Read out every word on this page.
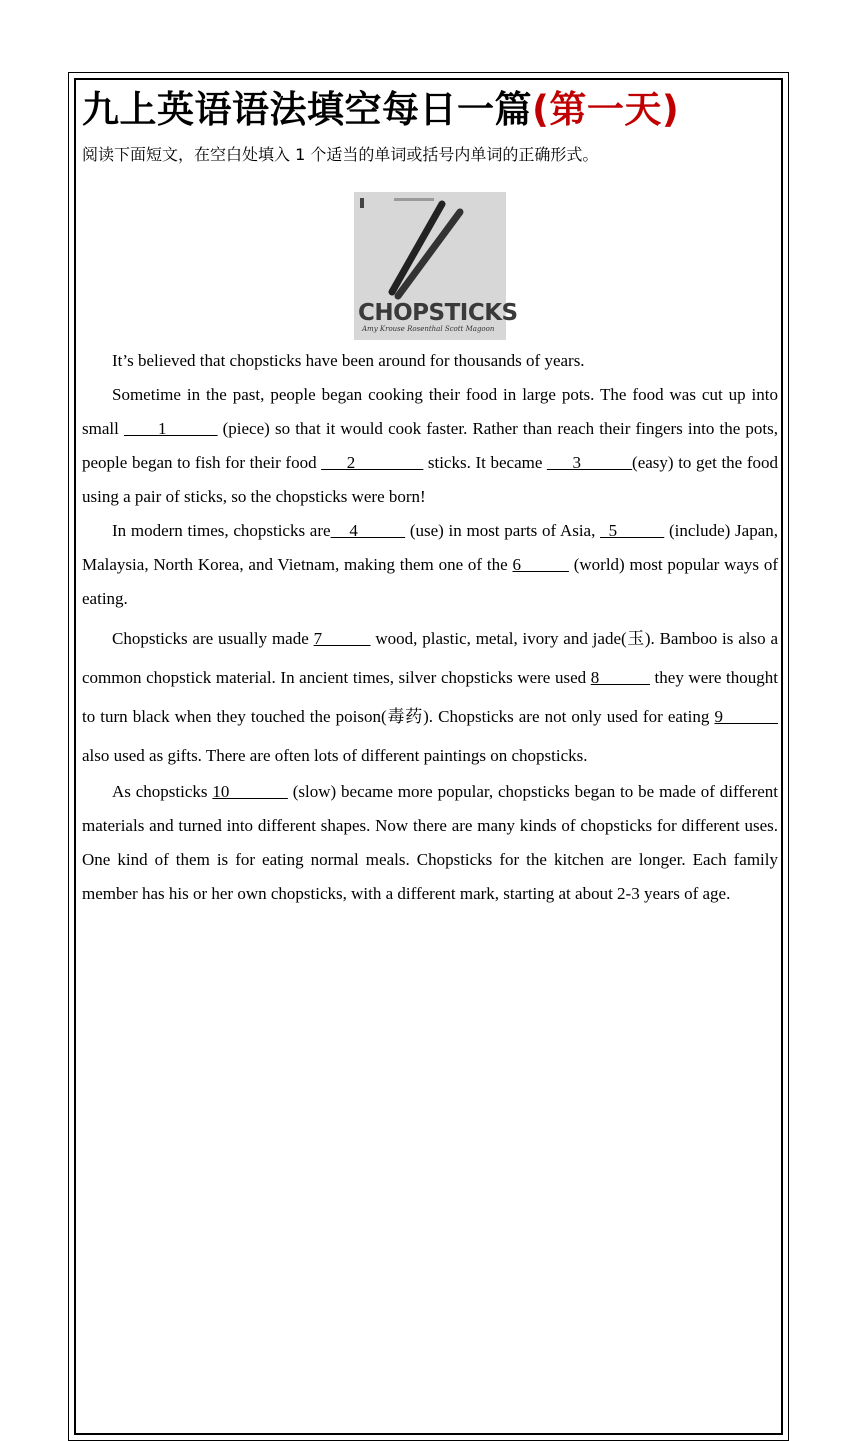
九上英语语法填空每日一篇(第一天)
阅读下面短文，在空白处填入 1 个适当的单词或括号内单词的正确形式。
CHOPSTICKS
Amy Krouse Rosenthal Scott Magoon

It’s believed that chopsticks have been around for thousands of years.

Sometime in the past, people began cooking their food in large pots. The food was cut up into small ____1______ (piece) so that it would cook faster. Rather than reach their fingers into the pots, people began to fish for their food ___2________ sticks. It became ___3______(easy) to get the food using a pair of sticks, so the chopsticks were born!

In modern times, chopsticks are    4           (use) in most parts of Asia, _5           (include) Japan, Malaysia, North Korea, and Vietnam, making them one of the 6           (world) most popular ways of eating.

Chopsticks are usually made 7           wood, plastic, metal, ivory and jade(玉). Bamboo is also a common chopstick material. In ancient times, silver chopsticks were used 8            they were thought to turn black when they touched the poison(毒药). Chopsticks are not only used for eating 9            also used as gifts. There are often lots of different paintings on chopsticks.

As chopsticks 10             (slow) became more popular, chopsticks began to be made of different materials and turned into different shapes. Now there are many kinds of chopsticks for different uses. One kind of them is for eating normal meals. Chopsticks for the kitchen are longer. Each family member has his or her own chopsticks, with a different mark, starting at about 2-3 years of age.
